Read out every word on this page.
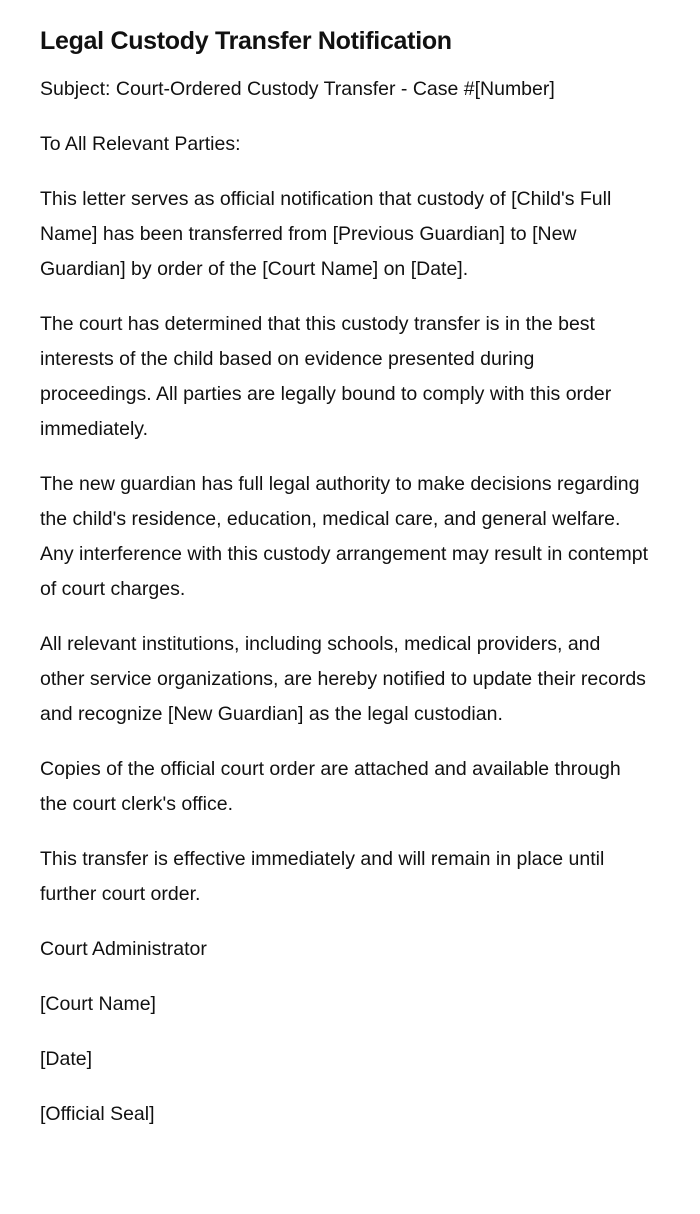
Legal Custody Transfer Notification

Subject: Court-Ordered Custody Transfer - Case #[Number]

To All Relevant Parties:

This letter serves as official notification that custody of [Child's Full Name] has been transferred from [Previous Guardian] to [New Guardian] by order of the [Court Name] on [Date].

The court has determined that this custody transfer is in the best interests of the child based on evidence presented during proceedings. All parties are legally bound to comply with this order immediately.

The new guardian has full legal authority to make decisions regarding the child's residence, education, medical care, and general welfare. Any interference with this custody arrangement may result in contempt of court charges.

All relevant institutions, including schools, medical providers, and other service organizations, are hereby notified to update their records and recognize [New Guardian] as the legal custodian.

Copies of the official court order are attached and available through the court clerk's office.

This transfer is effective immediately and will remain in place until further court order.

Court Administrator

[Court Name]

[Date]

[Official Seal]
